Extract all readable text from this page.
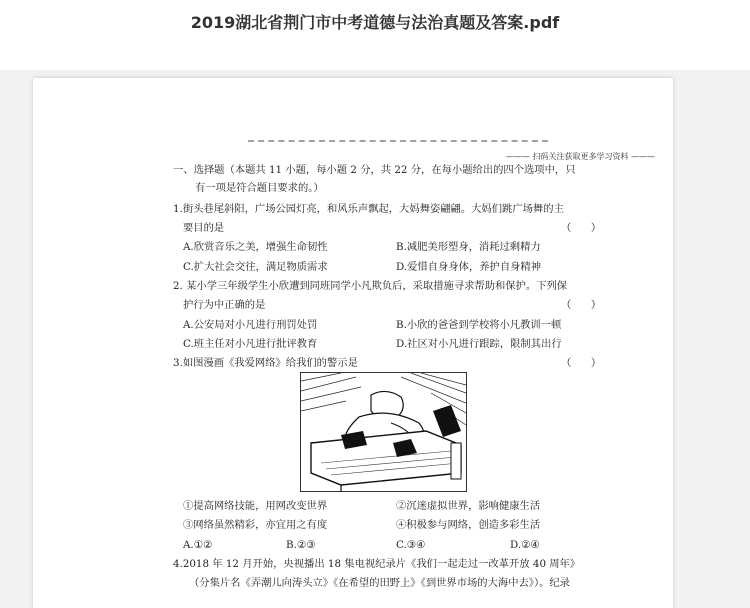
2019湖北省荆门市中考道德与法治真题及答案.pdf
——— 扫码关注获取更多学习资料 ———
一、选择题（本题共 11 小题，每小题 2 分，共 22 分，在每小题给出的四个选项中，只
有一项是符合题目要求的。）
1.街头巷尾斜阳，广场公园灯亮，和风乐声飘起，大妈舞姿翩翩。大妈们跳广场舞的主
要目的是	（      ）
A.欣赏音乐之美，增强生命韧性	B.减肥美形塑身，消耗过剩精力
C.扩大社会交往，满足物质需求	D.爱惜自身身体，养护自身精神
2. 某小学三年级学生小欣遭到同班同学小凡欺负后，采取措施寻求帮助和保护。下列保
护行为中正确的是	（      ）
A.公安局对小凡进行刑罚处罚	B.小欣的爸爸到学校将小凡教训一顿
C.班主任对小凡进行批评教育	D.社区对小凡进行跟踪，限制其出行
3.如图漫画《我爱网络》给我们的警示是	（      ）
①提高网络技能，用网改变世界	②沉迷虚拟世界，影响健康生活
③网络虽然精彩，亦宜用之有度	④积极参与网络，创造多彩生活
A.①②	B.②③	C.③④	D.②④
4.2018 年 12 月开始，央视播出 18 集电视纪录片《我们一起走过一改革开放 40 周年》
（分集片名《弄潮儿向涛头立》《在希望的田野上》《到世界市场的大海中去》）。纪录
